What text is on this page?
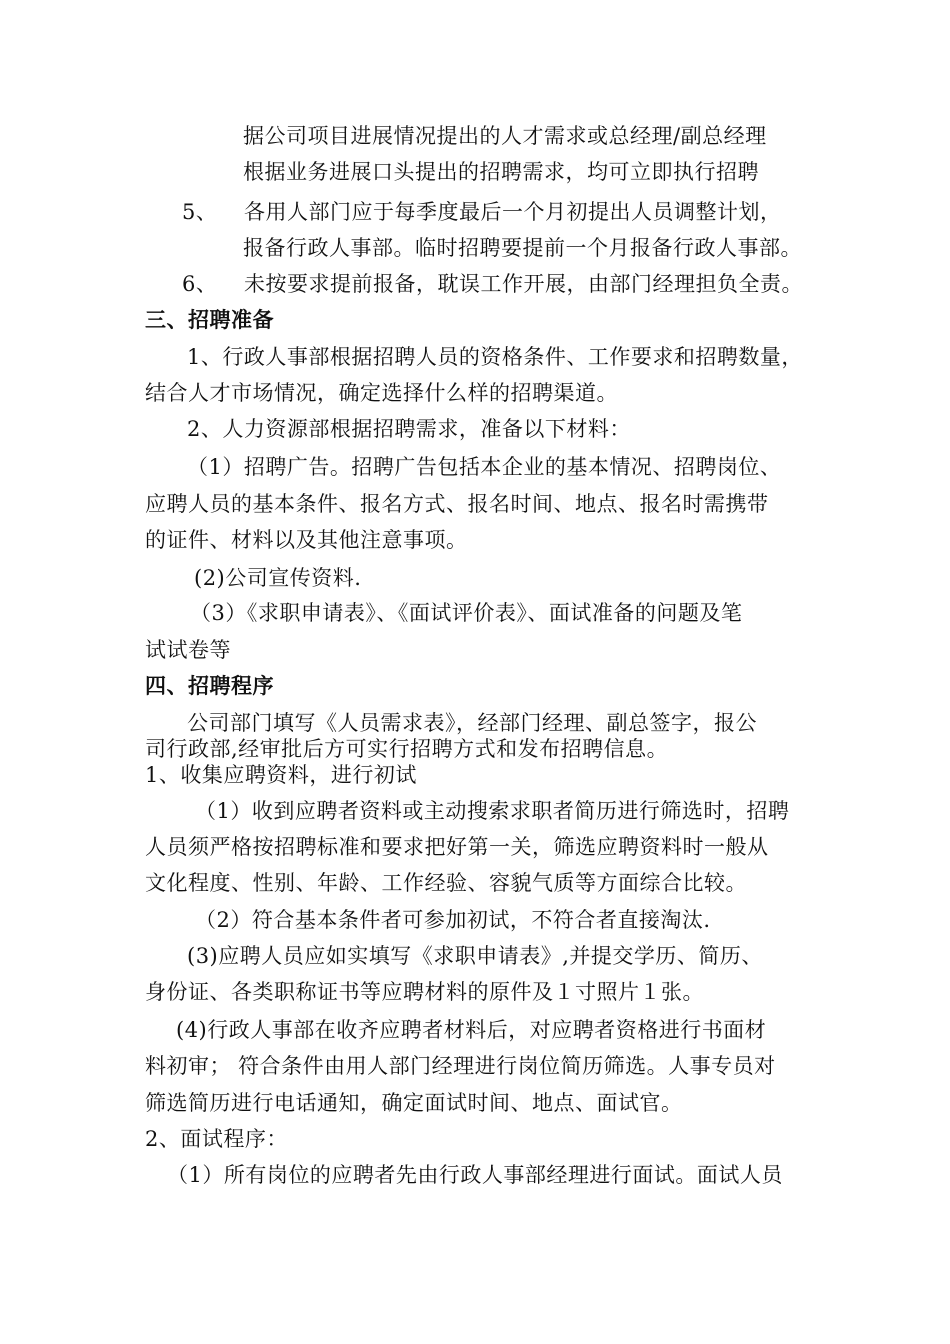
据公司项目进展情况提出的人才需求或总经理/副总经理
根据业务进展口头提出的招聘需求，均可立即执行招聘
5、 各用人部门应于每季度最后一个月初提出人员调整计划，
报备行政人事部。临时招聘要提前一个月报备行政人事部。
6、 未按要求提前报备，耽误工作开展，由部门经理担负全责。
三、招聘准备
1、行政人事部根据招聘人员的资格条件、工作要求和招聘数量，
结合人才市场情况，确定选择什么样的招聘渠道。
2、人力资源部根据招聘需求，准备以下材料：
（1）招聘广告。招聘广告包括本企业的基本情况、招聘岗位、
应聘人员的基本条件、报名方式、报名时间、地点、报名时需携带
的证件、材料以及其他注意事项。
(2)公司宣传资料.
（3）《求职申请表》、《面试评价表》、面试准备的问题及笔
试试卷等
四、招聘程序
公司部门填写《人员需求表》，经部门经理、副总签字，报公
司行政部,经审批后方可实行招聘方式和发布招聘信息。
1、收集应聘资料，进行初试
（1）收到应聘者资料或主动搜索求职者简历进行筛选时，招聘
人员须严格按招聘标准和要求把好第一关，筛选应聘资料时一般从
文化程度、性别、年龄、工作经验、容貌气质等方面综合比较。
（2）符合基本条件者可参加初试，不符合者直接淘汰.
(3)应聘人员应如实填写《求职申请表》,并提交学历、简历、
身份证、各类职称证书等应聘材料的原件及１寸照片１张。
(4)行政人事部在收齐应聘者材料后，对应聘者资格进行书面材
料初审； 符合条件由用人部门经理进行岗位简历筛选。人事专员对
筛选简历进行电话通知，确定面试时间、地点、面试官。
2、面试程序：
（1）所有岗位的应聘者先由行政人事部经理进行面试。面试人员
